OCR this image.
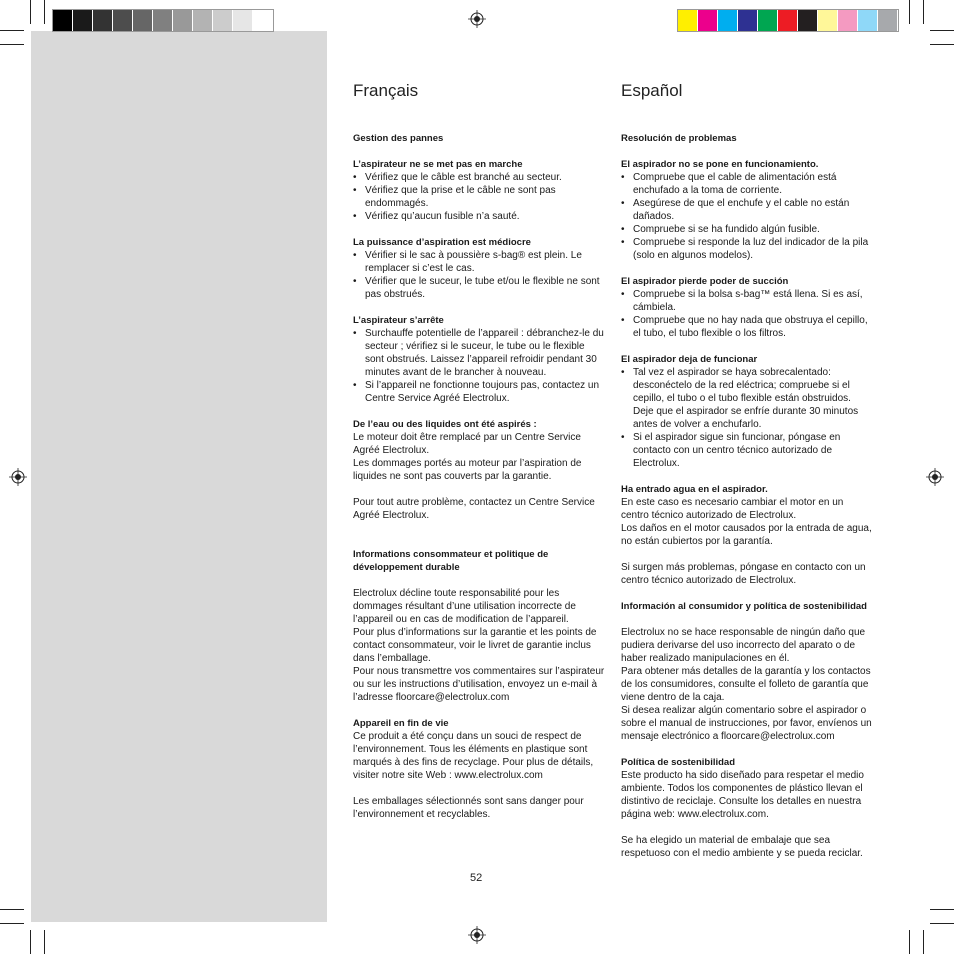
Français
Gestion des pannes
L’aspirateur ne se met pas en marche
• Vérifiez que le câble est branché au secteur.
• Vérifiez que la prise et le câble ne sont pas endommagés.
• Vérifiez qu’aucun fusible n’a sauté.
La puissance d’aspiration est médiocre
• Vérifier si le sac à poussière s-bag® est plein. Le remplacer si c’est le cas.
• Vérifier que le suceur, le tube et/ou le flexible ne sont pas obstrués.
L’aspirateur s’arrête
• Surchauffe potentielle de l’appareil : débranchez-le du secteur ; vérifiez si le suceur, le tube ou le flexible sont obstrués. Laissez l’appareil refroidir pendant 30 minutes avant de le brancher à nouveau.
• Si l’appareil ne fonctionne toujours pas, contactez un Centre Service Agréé Electrolux.
De l’eau ou des liquides ont été aspirés :

Le moteur doit être remplacé par un Centre Service Agréé Electrolux.

Les dommages portés au moteur par l’aspiration de liquides ne sont pas couverts par la garantie.

Pour tout autre problème, contactez un Centre Service Agréé Electrolux.

Informations consommateur et politique de développement durable

Electrolux décline toute responsabilité pour les dommages résultant d’une utilisation incorrecte de l’appareil ou en cas de modification de l’appareil.

Pour plus d’informations sur la garantie et les points de contact consommateur, voir le livret de garantie inclus dans l’emballage.

Pour nous transmettre vos commentaires sur l’aspirateur ou sur les instructions d’utilisation, envoyez un e-mail à l’adresse floorcare@electrolux.com

Appareil en fin de vie

Ce produit a été conçu dans un souci de respect de l’environnement. Tous les éléments en plastique sont marqués à des fins de recyclage. Pour plus de détails, visiter notre site Web : www.electrolux.com

Les emballages sélectionnés sont sans danger pour l’environnement et recyclables.

Español
Resolución de problemas
El aspirador no se pone en funcionamiento.
• Compruebe que el cable de alimentación está enchufado a la toma de corriente.
• Asegúrese de que el enchufe y el cable no están dañados.
• Compruebe si se ha fundido algún fusible.
• Compruebe si responde la luz del indicador de la pila (solo en algunos modelos).
El aspirador pierde poder de succión
• Compruebe si la bolsa s-bag™ está llena. Si es así, cámbiela.
• Compruebe que no hay nada que obstruya el cepillo, el tubo, el tubo flexible o los filtros.
El aspirador deja de funcionar
• Tal vez el aspirador se haya sobrecalentado: desconéctelo de la red eléctrica; compruebe si el cepillo, el tubo o el tubo flexible están obstruidos. Deje que el aspirador se enfríe durante 30 minutos antes de volver a enchufarlo.
• Si el aspirador sigue sin funcionar, póngase en contacto con un centro técnico autorizado de Electrolux.
Ha entrado agua en el aspirador.

En este caso es necesario cambiar el motor en un centro técnico autorizado de Electrolux.

Los daños en el motor causados por la entrada de agua, no están cubiertos por la garantía.

Si surgen más problemas, póngase en contacto con un centro técnico autorizado de Electrolux.

Información al consumidor y política de sostenibilidad

Electrolux no se hace responsable de ningún daño que pudiera derivarse del uso incorrecto del aparato o de haber realizado manipulaciones en él.

Para obtener más detalles de la garantía y los contactos de los consumidores, consulte el folleto de garantía que viene dentro de la caja.

Si desea realizar algún comentario sobre el aspirador o sobre el manual de instrucciones, por favor, envíenos un mensaje electrónico a floorcare@electrolux.com

Política de sostenibilidad

Este producto ha sido diseñado para respetar el medio ambiente. Todos los componentes de plástico llevan el distintivo de reciclaje. Consulte los detalles en nuestra página web: www.electrolux.com.

Se ha elegido un material de embalaje que sea respetuoso con el medio ambiente y se pueda reciclar.

52
